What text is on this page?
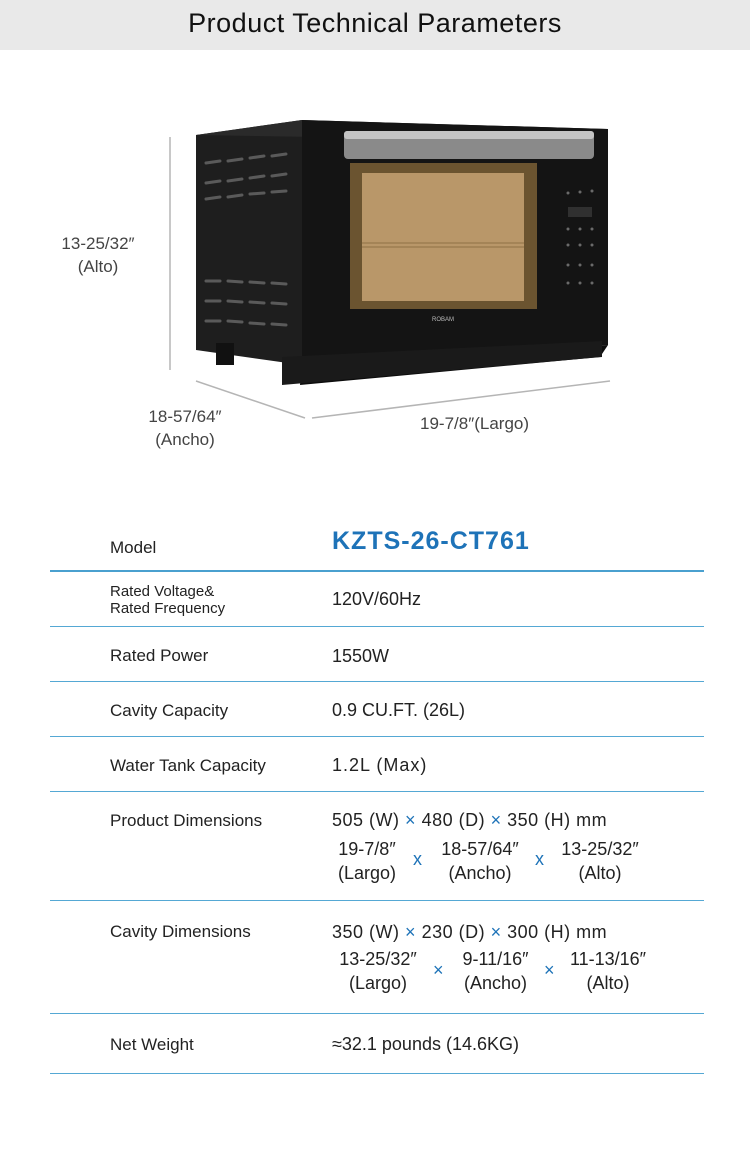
Product Technical Parameters
ROBAM
13-25/32″
(Alto)
18-57/64″
(Ancho)
19-7/8″(Largo)
Model	KZTS-26-CT761
Rated Voltage&
Rated Frequency	120V/60Hz
Rated Power	1550W
Cavity Capacity	0.9 CU.FT. (26L)
Water Tank Capacity	1.2L (Max)
Product Dimensions	505 (W) × 480 (D) × 350 (H) mm
19-7/8″
(Largo)
x	18-57/64″
(Ancho)
x 13-25/32″
(Alto)
Cavity Dimensions	350 (W) × 230 (D) × 300 (H) mm
13-25/32″
(Largo)
×
9-11/16″
(Ancho)
×
11-13/16″
(Alto)
Net Weight	≈32.1 pounds (14.6KG)
